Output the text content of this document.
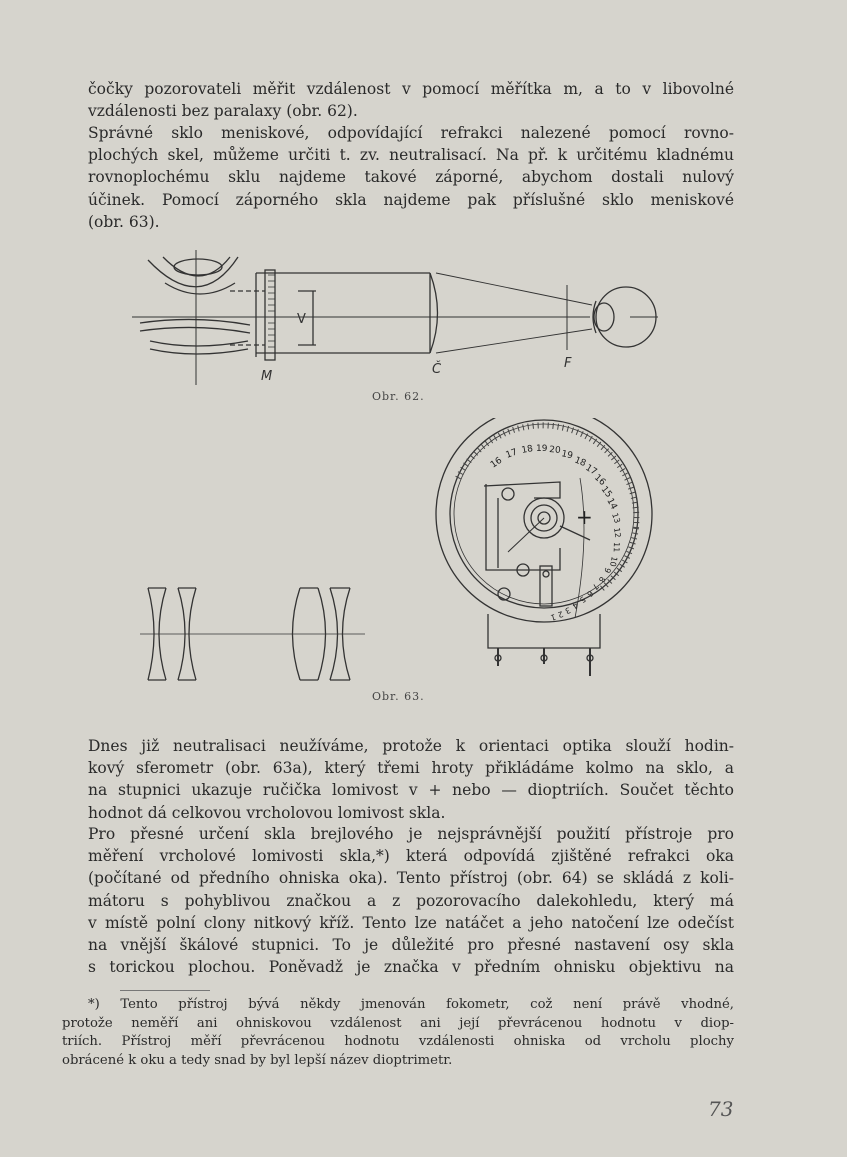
čočky pozorovateli měřit vzdálenost v pomocí měřítka m, a to v libovolné
vzdálenosti bez paralaxy (obr. 62).
Správné sklo meniskové, odpovídající refrakci nalezené pomocí rovno-
plochých skel, můžeme určiti t. zv. neutralisací. Na př. k určitému kladnému
rovnoplochému sklu najdeme takové záporné, abychom dostali nulový
účinek. Pomocí záporného skla najdeme pak příslušné sklo meniskové
(obr. 63).
M
V
Č	F
Obr. 62.
16
17 18 19 20 19
18
17
16
15
14
13
12
11
10
9
8
7
6
5
4
3
2
1
+
Obr. 63.
Dnes již neutralisaci neužíváme, protože k orientaci optika slouží hodin-
kový sferometr (obr. 63a), který třemi hroty přikládáme kolmo na sklo, a
na stupnici ukazuje ručička lomivost v + nebo — dioptriích. Součet těchto
hodnot dá celkovou vrcholovou lomivost skla.
Pro přesné určení skla brejlového je nejsprávnější použití přístroje pro
měření vrcholové lomivosti skla,*) která odpovídá zjištěné refrakci oka
(počítané od předního ohniska oka). Tento přístroj (obr. 64) se skládá z koli-
mátoru s pohyblivou značkou a z pozorovacího dalekohledu, který má
v místě polní clony nitkový kříž. Tento lze natáčet a jeho natočení lze odečíst
na vnější škálové stupnici. To je důležité pro přesné nastavení osy skla
s torickou plochou. Poněvadž je značka v předním ohnisku objektivu na
*) Tento přístroj bývá někdy jmenován fokometr, což není právě vhodné,
protože neměří ani ohniskovou vzdálenost ani její převrácenou hodnotu v diop-
triích. Přístroj měří převrácenou hodnotu vzdálenosti ohniska od vrcholu plochy
obrácené k oku a tedy snad by byl lepší název dioptrimetr.
73
